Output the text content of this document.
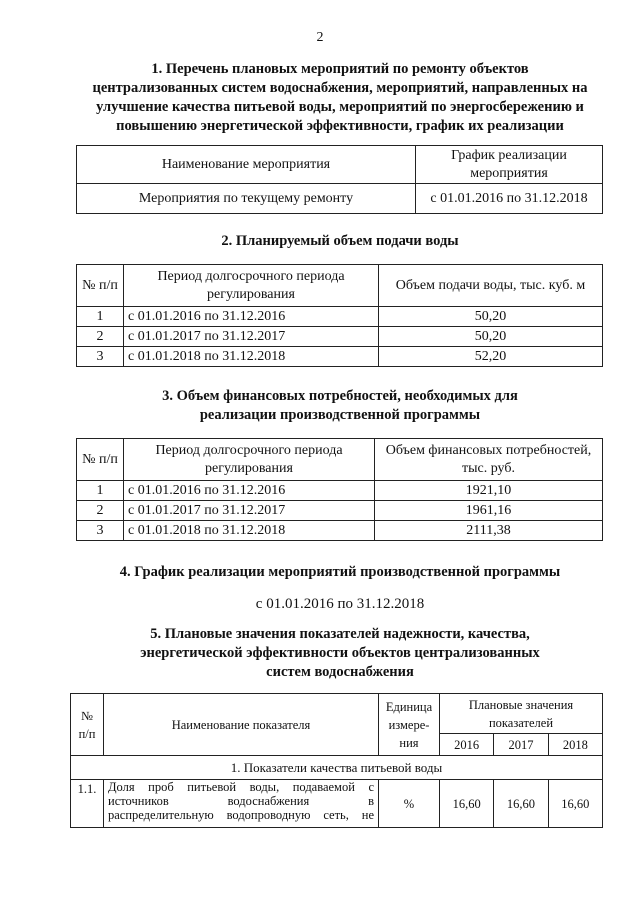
2
1. Перечень плановых мероприятий по ремонту объектов
централизованных систем водоснабжения, мероприятий, направленных на
улучшение качества питьевой воды, мероприятий по энергосбережению и
повышению энергетической эффективности, график их реализации
Наименование мероприятия	График реализации мероприятия
Мероприятия по текущему ремонту	с 01.01.2016 по 31.12.2018
2. Планируемый объем подачи воды
№ п/п	Период долгосрочного периода регулирования	Объем подачи воды, тыс. куб. м
1	с 01.01.2016 по 31.12.2016	50,20
2	с 01.01.2017 по 31.12.2017	50,20
3	с 01.01.2018 по 31.12.2018	52,20
3. Объем финансовых потребностей, необходимых для
реализации производственной программы
№ п/п	Период долгосрочного периода регулирования	Объем финансовых потребностей, тыс. руб.
1	с 01.01.2016 по 31.12.2016	1921,10
2	с 01.01.2017 по 31.12.2017	1961,16
3	с 01.01.2018 по 31.12.2018	2111,38
4. График реализации мероприятий производственной программы
с 01.01.2016 по 31.12.2018
5. Плановые значения показателей надежности, качества,
энергетической эффективности объектов централизованных
систем водоснабжения
№ п/п	Наименование показателя	Единица измере-ния	Плановые значения показателей		
			2016	2017	2018
1. Показатели качества питьевой воды					
1.1.	Доля проб питьевой воды, подаваемой с
источников водоснабжения в
распределительную водопроводную сеть, не	%	16,60	16,60	16,60
